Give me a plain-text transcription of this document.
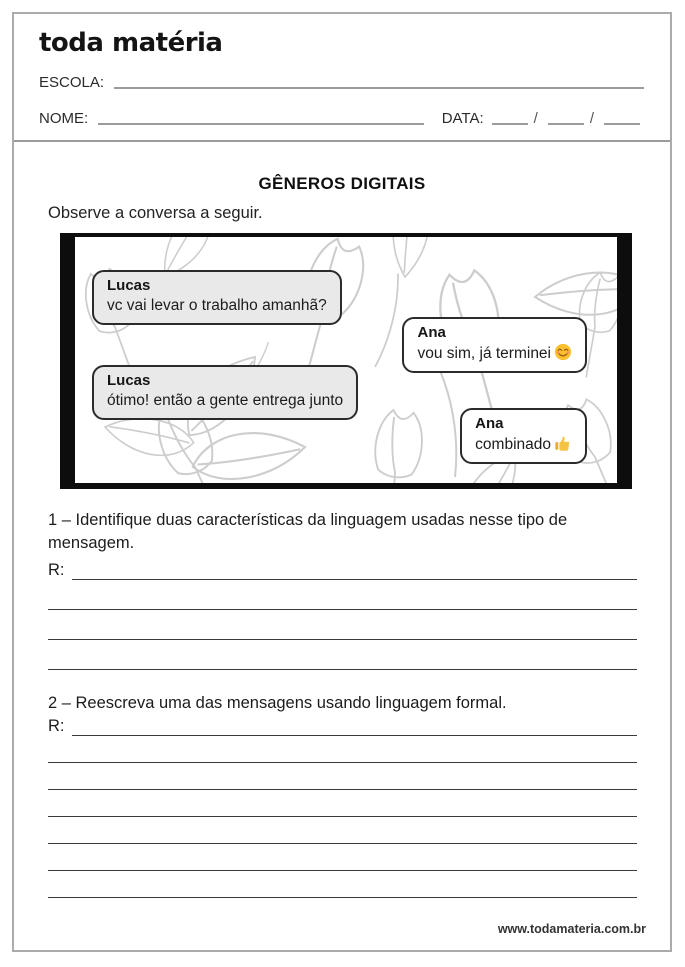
toda matéria
ESCOLA:
NOME:	DATA:	/	/
GÊNEROS DIGITAIS
Observe a conversa a seguir.
Lucas
vc vai levar o trabalho amanhã?
Ana
vou sim, já terminei
Lucas
ótimo! então a gente entrega junto
Ana
combinado
1 – Identifique duas características da linguagem usadas nesse tipo de mensagem.
R:
2 – Reescreva uma das mensagens usando linguagem formal.
R:
www.todamateria.com.br
